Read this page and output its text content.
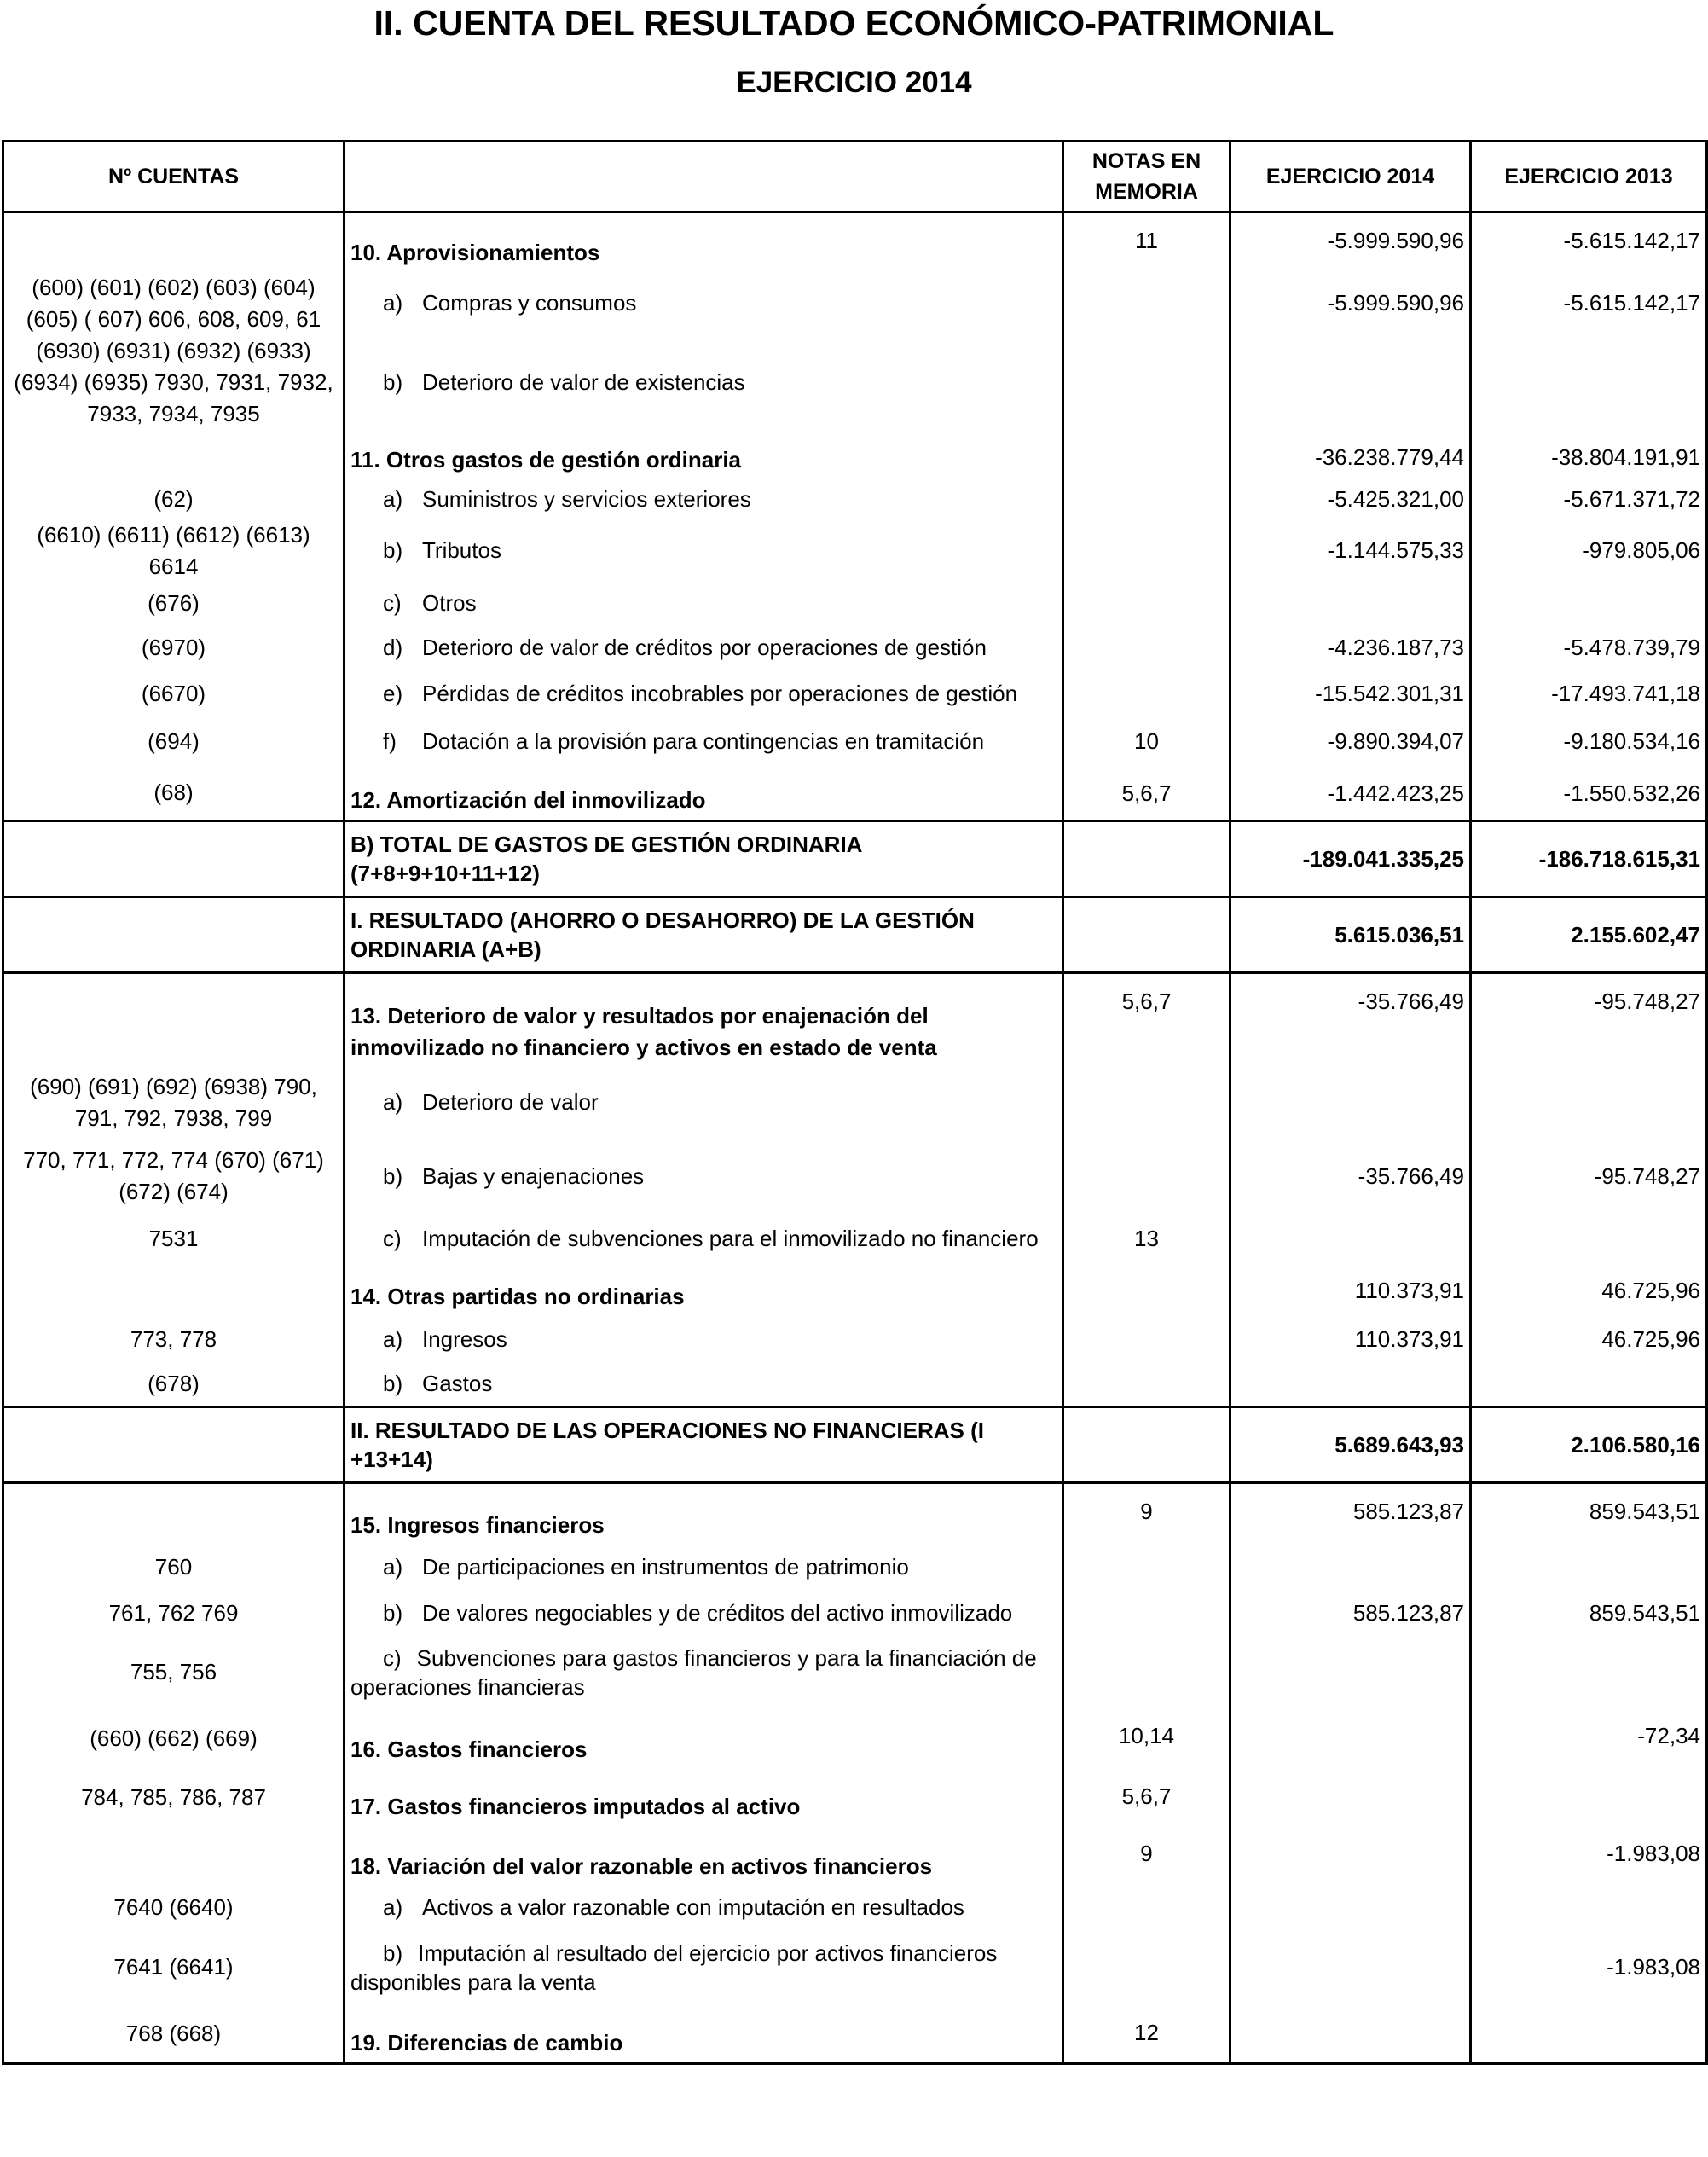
II. CUENTA DEL RESULTADO ECONÓMICO-PATRIMONIAL
EJERCICIO 2014
Nº CUENTAS		NOTAS EN MEMORIA	EJERCICIO 2014	EJERCICIO 2013
	10. Aprovisionamientos	11	-5.999.590,96	-5.615.142,17
(600) (601) (602) (603) (604) (605) ( 607) 606, 608, 609, 61	a) Compras y consumos		-5.999.590,96	-5.615.142,17
(6930) (6931) (6932) (6933) (6934) (6935) 7930, 7931, 7932, 7933, 7934, 7935	b) Deterioro de valor de existencias			
	11. Otros gastos de gestión ordinaria		-36.238.779,44	-38.804.191,91
(62)	a) Suministros y servicios exteriores		-5.425.321,00	-5.671.371,72
(6610) (6611) (6612) (6613) 6614	b) Tributos		-1.144.575,33	-979.805,06
(676)	c) Otros			
(6970)	d) Deterioro de valor de créditos por operaciones de gestión		-4.236.187,73	-5.478.739,79
(6670)	e) Pérdidas de créditos incobrables por operaciones de gestión		-15.542.301,31	-17.493.741,18
(694)	f) Dotación a la provisión para contingencias en tramitación	10	-9.890.394,07	-9.180.534,16
(68)	12. Amortización del inmovilizado	5,6,7	-1.442.423,25	-1.550.532,26
	B) TOTAL DE GASTOS DE GESTIÓN ORDINARIA (7+8+9+10+11+12)		-189.041.335,25	-186.718.615,31
	I. RESULTADO (AHORRO O DESAHORRO) DE LA GESTIÓN ORDINARIA (A+B)		5.615.036,51	2.155.602,47
	13. Deterioro de valor y resultados por enajenación del inmovilizado no financiero y activos en estado de venta	5,6,7	-35.766,49	-95.748,27
(690) (691) (692) (6938) 790, 791, 792, 7938, 799	a) Deterioro de valor			
770, 771, 772, 774 (670) (671) (672) (674)	b) Bajas y enajenaciones		-35.766,49	-95.748,27
7531	c) Imputación de subvenciones para el inmovilizado no financiero	13		
	14. Otras partidas no ordinarias		110.373,91	46.725,96
773, 778	a) Ingresos		110.373,91	46.725,96
(678)	b) Gastos			
	II. RESULTADO DE LAS OPERACIONES NO FINANCIERAS (I +13+14)		5.689.643,93	2.106.580,16
	15. Ingresos financieros	9	585.123,87	859.543,51
760	a) De participaciones en instrumentos de patrimonio			
761, 762 769	b) De valores negociables y de créditos del activo inmovilizado		585.123,87	859.543,51
755, 756	c) Subvenciones para gastos financieros y para la financiación de operaciones financieras			
(660) (662) (669)	16. Gastos financieros	10,14		-72,34
784, 785, 786, 787	17. Gastos financieros imputados al activo	5,6,7		
	18. Variación del valor razonable en activos financieros	9		-1.983,08
7640 (6640)	a) Activos a valor razonable con imputación en resultados			
7641 (6641)	b) Imputación al resultado del ejercicio por activos financieros disponibles para la venta			-1.983,08
768 (668)	19. Diferencias de cambio	12		
